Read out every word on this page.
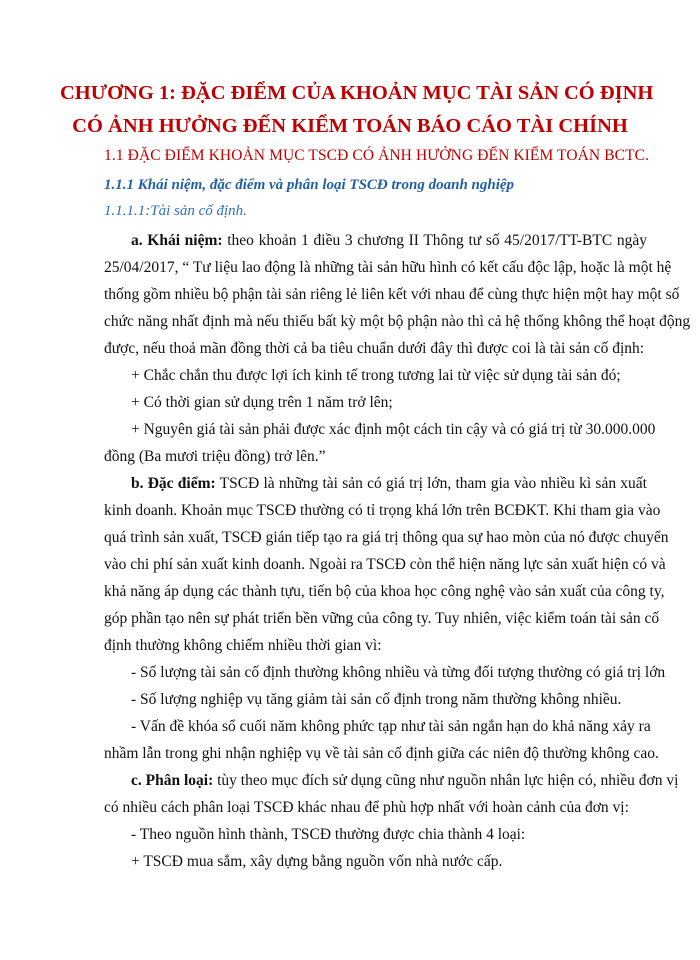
CHƯƠNG 1: ĐẶC ĐIỂM CỦA KHOẢN MỤC TÀI SẢN CÓ ĐỊNH
CÓ ẢNH HƯỞNG ĐẾN KIỂM TOÁN BÁO CÁO TÀI CHÍNH
1.1 ĐẶC ĐIỂM KHOẢN MỤC TSCĐ CÓ ẢNH HƯỞNG ĐẾN KIỂM TOÁN BCTC.
1.1.1 Khái niệm, đặc điểm và phân loại TSCĐ trong doanh nghiệp
1.1.1.1:Tài sản cố định.
a. Khái niệm: theo khoản 1 điều 3 chương II Thông tư số 45/2017/TT-BTC ngày
25/04/2017, “ Tư liệu lao động là những tài sản hữu hình có kết cấu độc lập, hoặc là một hệ
thống gồm nhiều bộ phận tài sản riêng lẻ liên kết với nhau để cùng thực hiện một hay một số
chức năng nhất định mà nếu thiếu bất kỳ một bộ phận nào thì cả hệ thống không thể hoạt động
được, nếu thoả mãn đồng thời cả ba tiêu chuẩn dưới đây thì được coi là tài sản cố định:
+ Chắc chắn thu được lợi ích kinh tế trong tương lai từ việc sử dụng tài sản đó;
+ Có thời gian sử dụng trên 1 năm trở lên;
+ Nguyên giá tài sản phải được xác định một cách tin cậy và có giá trị từ 30.000.000
đồng (Ba mươi triệu đồng) trở lên.”
b. Đặc điểm: TSCĐ là những tài sản có giá trị lớn, tham gia vào nhiều kì sản xuất
kinh doanh. Khoản mục TSCĐ thường có tỉ trọng khá lớn trên BCĐKT. Khi tham gia vào
quá trình sản xuất, TSCĐ gián tiếp tạo ra giá trị thông qua sự hao mòn của nó được chuyển
vào chi phí sản xuất kinh doanh. Ngoài ra TSCĐ còn thể hiện năng lực sản xuất hiện có và
khả năng áp dụng các thành tựu, tiến bộ của khoa học công nghệ vào sản xuất của công ty,
góp phần tạo nên sự phát triển bền vững của công ty. Tuy nhiên, việc kiểm toán tài sản cố
định thường không chiếm nhiều thời gian vì:
- Số lượng tài sản cố định thường không nhiều và từng đối tượng thường có giá trị lớn
- Số lượng nghiệp vụ tăng giảm tài sản cố định trong năm thường không nhiều.
- Vấn đề khóa sổ cuối năm không phức tạp như tài sản ngắn hạn do khả năng xảy ra
nhầm lẫn trong ghi nhận nghiệp vụ về tài sản cố định giữa các niên độ thường không cao.
c. Phân loại: tùy theo mục đích sử dụng cũng như nguồn nhân lực hiện có, nhiều đơn vị
có nhiều cách phân loại TSCĐ khác nhau để phù hợp nhất với hoàn cảnh của đơn vị:
- Theo nguồn hình thành, TSCĐ thường được chia thành 4 loại:
+ TSCĐ mua sắm, xây dựng bằng nguồn vốn nhà nước cấp.
